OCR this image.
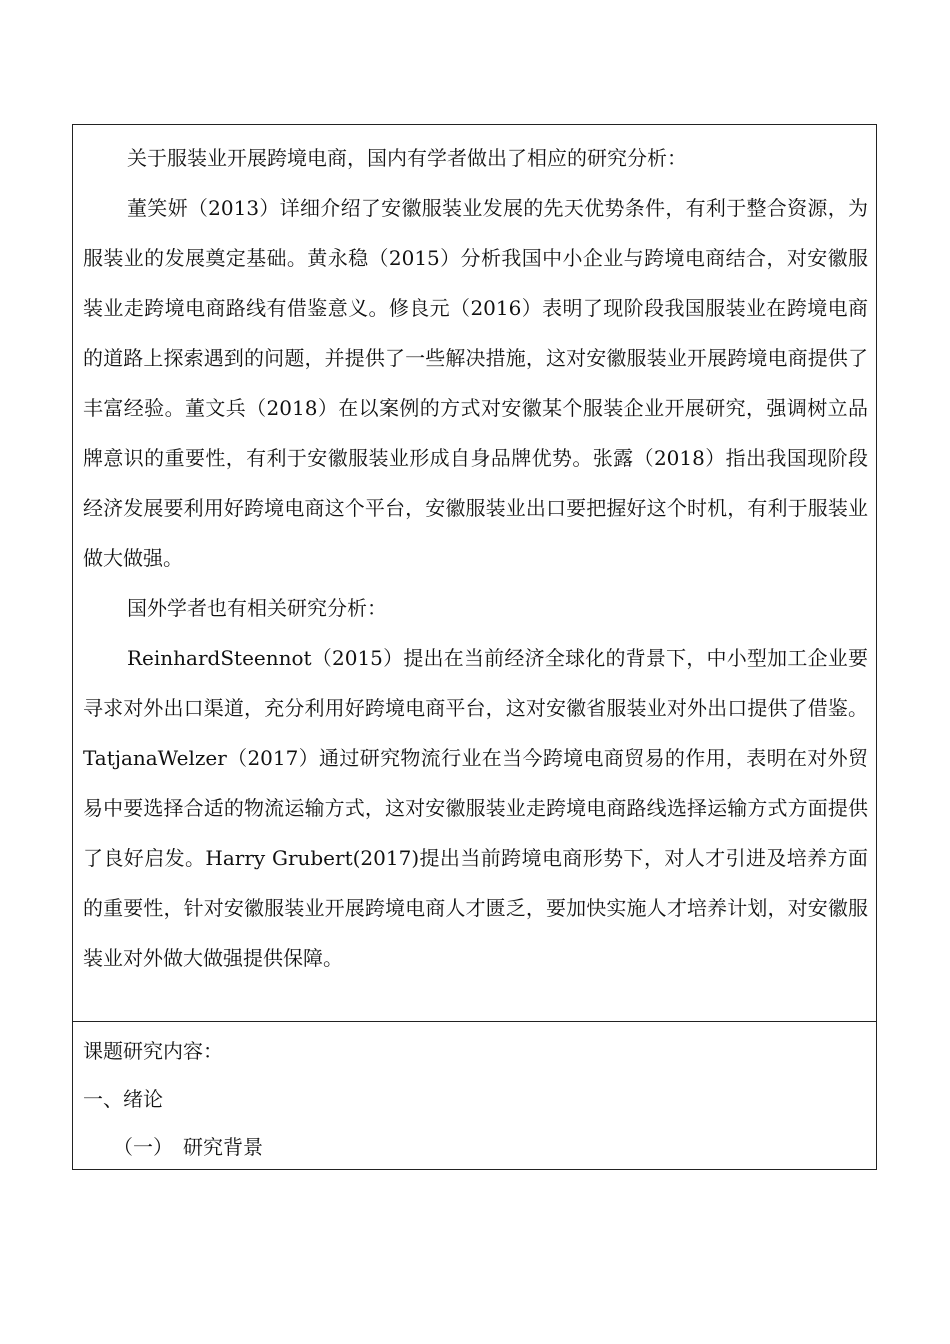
关于服装业开展跨境电商，国内有学者做出了相应的研究分析：

董笑妍（2013）详细介绍了安徽服装业发展的先天优势条件，有利于整合资源，为服装业的发展奠定基础。黄永稳（2015）分析我国中小企业与跨境电商结合，对安徽服装业走跨境电商路线有借鉴意义。修良元（2016）表明了现阶段我国服装业在跨境电商的道路上探索遇到的问题，并提供了一些解决措施，这对安徽服装业开展跨境电商提供了丰富经验。董文兵（2018）在以案例的方式对安徽某个服装企业开展研究，强调树立品牌意识的重要性，有利于安徽服装业形成自身品牌优势。张露（2018）指出我国现阶段经济发展要利用好跨境电商这个平台，安徽服装业出口要把握好这个时机，有利于服装业做大做强。

国外学者也有相关研究分析：

ReinhardSteennot（2015）提出在当前经济全球化的背景下，中小型加工企业要寻求对外出口渠道，充分利用好跨境电商平台，这对安徽省服装业对外出口提供了借鉴。TatjanaWelzer（2017）通过研究物流行业在当今跨境电商贸易的作用，表明在对外贸易中要选择合适的物流运输方式，这对安徽服装业走跨境电商路线选择运输方式方面提供了良好启发。Harry Grubert(2017)提出当前跨境电商形势下，对人才引进及培养方面的重要性，针对安徽服装业开展跨境电商人才匮乏，要加快实施人才培养计划，对安徽服装业对外做大做强提供保障。

课题研究内容：

一、绪论

（一） 研究背景
